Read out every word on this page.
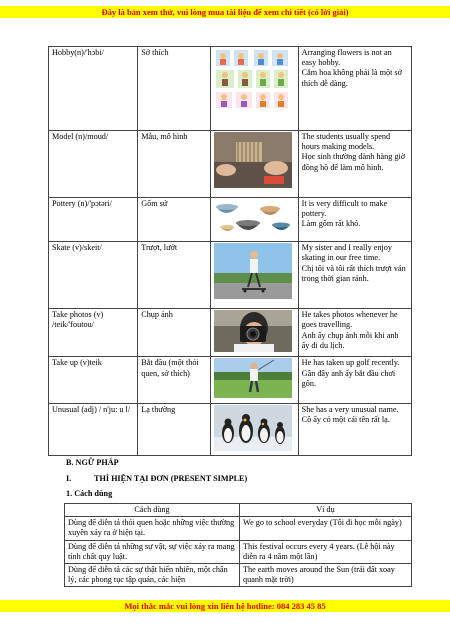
Đây là bản xem thử, vui lòng mua tài liệu để xem chi tiết (có lời giải)
Hobby(n)/'hɔbi/	Sở thích		Arranging flowers is not an easy hobby.
Cắm hoa không phải là một sở thích dễ dàng.

Model (n)/moud/	Mẫu, mô hình		The students usually spend hours making models.
Học sinh thường dành hàng giờ đồng hồ để làm mô hình.

Pottery (n)/'pɔtəri/	Gốm sứ		It is very difficult to make pottery.
Làm gốm rất khó.

Skate (v)/skeit/	Trượt, lướt		My sister and I really enjoy skating in our free time.
Chị tôi và tôi rất thích trượt ván trong thời gian rảnh.

Take photos (v) /teik/'foutou/	Chụp ảnh		He takes photos whenever he goes travelling.
Anh ấy chụp ảnh mỗi khi anh ấy đi du lịch.

Take up (v)teik	Bắt đầu (một thói quen, sở thích)		He has taken up golf recently.
Gần đây anh ấy bắt đầu chơi gôn.

Unusual (adj) / n'ju: u l/	Lạ thường		She has a very unusual name.
Cô ấy có một cái tên rất lạ.
B. NGỮ PHÁP
I.	THÌ HIỆN TẠI ĐƠN (PRESENT SIMPLE)
1. Cách dùng
Cách dùng	Ví dụ
Dùng để diễn tả thói quen hoặc những việc thường xuyên xảy ra ở hiện tại.	We go to school everyday (Tôi đi học mỗi ngày)
Dùng để diễn tả những sự vật, sự việc xảy ra mang tính chất quy luật.	This festival occurs every 4 years. (Lễ hội này diễn ra 4 năm một lần)
Dùng để diễn tả các sự thật hiển nhiên, một chân lý, các phong tục tập quán, các hiện	The earth moves around the Sun (trái đất xoay quanh mặt trời)
Mọi thắc mắc vui lòng xin liên hệ hotline: 084 283 45 85
